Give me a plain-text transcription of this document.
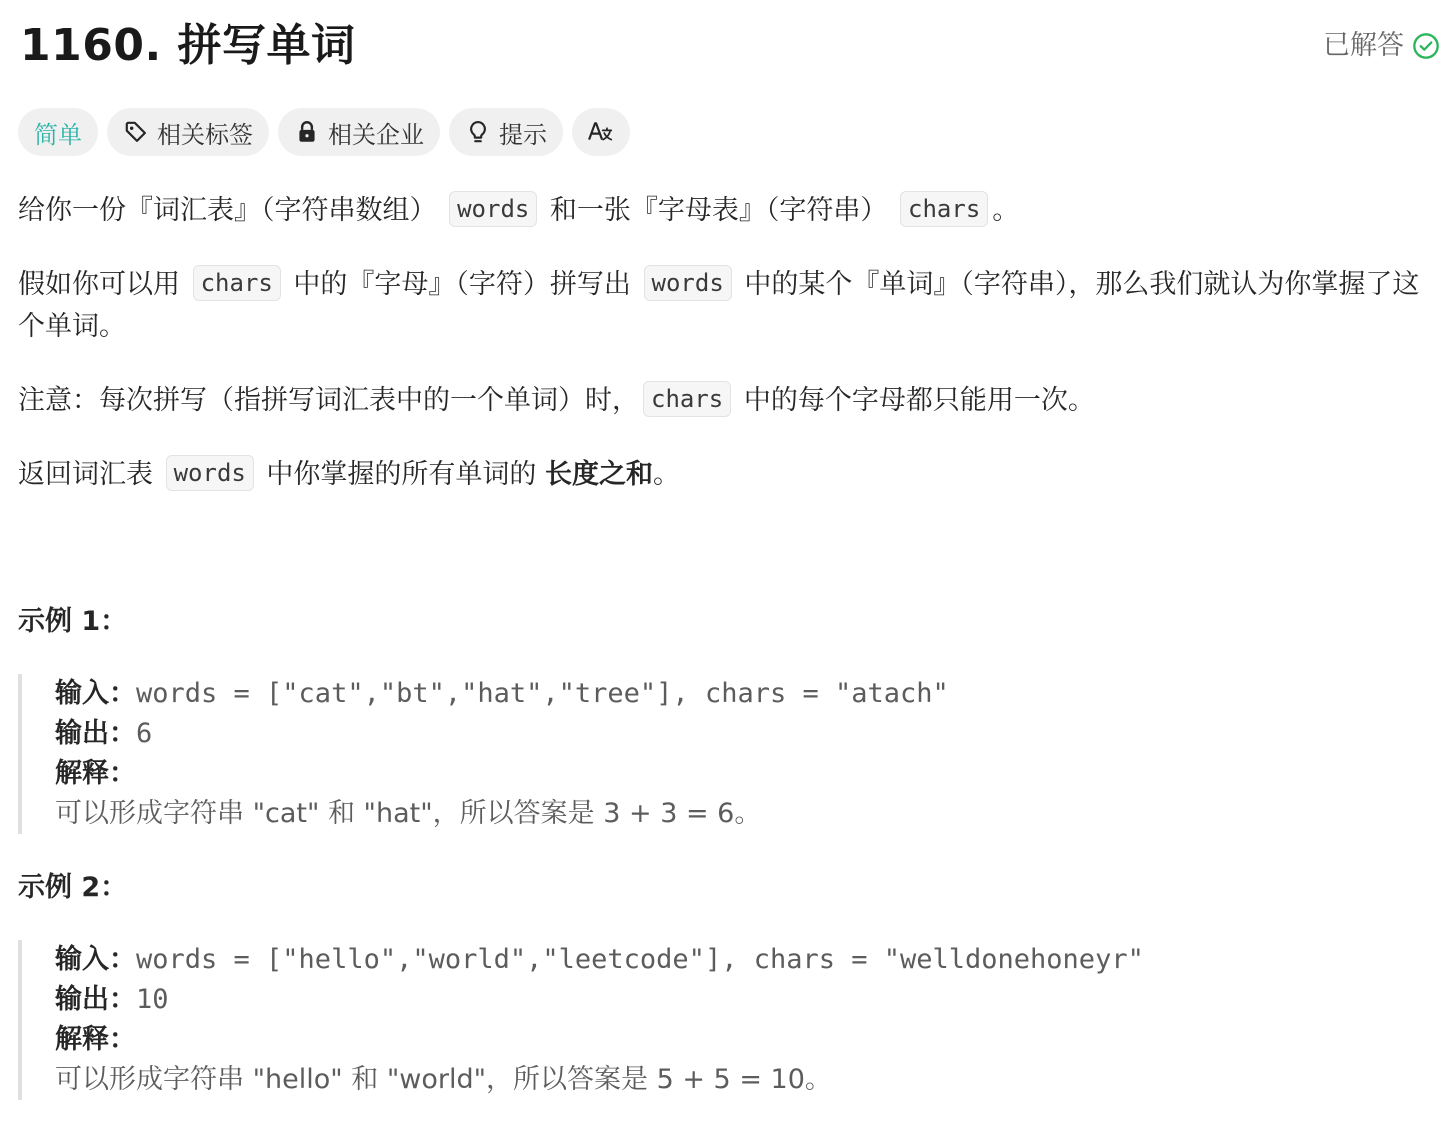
1160. 拼写单词	已解答
简单	相关标签	相关企业	提示
给你一份『词汇表』（字符串数组） words 和一张『字母表』（字符串） chars 。
假如你可以用 chars 中的『字母』（字符）拼写出 words 中的某个『单词』（字符串），那么我们就认为你掌握了这个单词。
注意：每次拼写（指拼写词汇表中的一个单词）时， chars 中的每个字母都只能用一次。
返回词汇表 words 中你掌握的所有单词的 长度之和。
示例 1：
输入：words = ["cat","bt","hat","tree"], chars = "atach"
输出：6
解释：
可以形成字符串 "cat" 和 "hat"，所以答案是 3 + 3 = 6。
示例 2：
输入：words = ["hello","world","leetcode"], chars = "welldonehoneyr"
输出：10
解释：
可以形成字符串 "hello" 和 "world"，所以答案是 5 + 5 = 10。
